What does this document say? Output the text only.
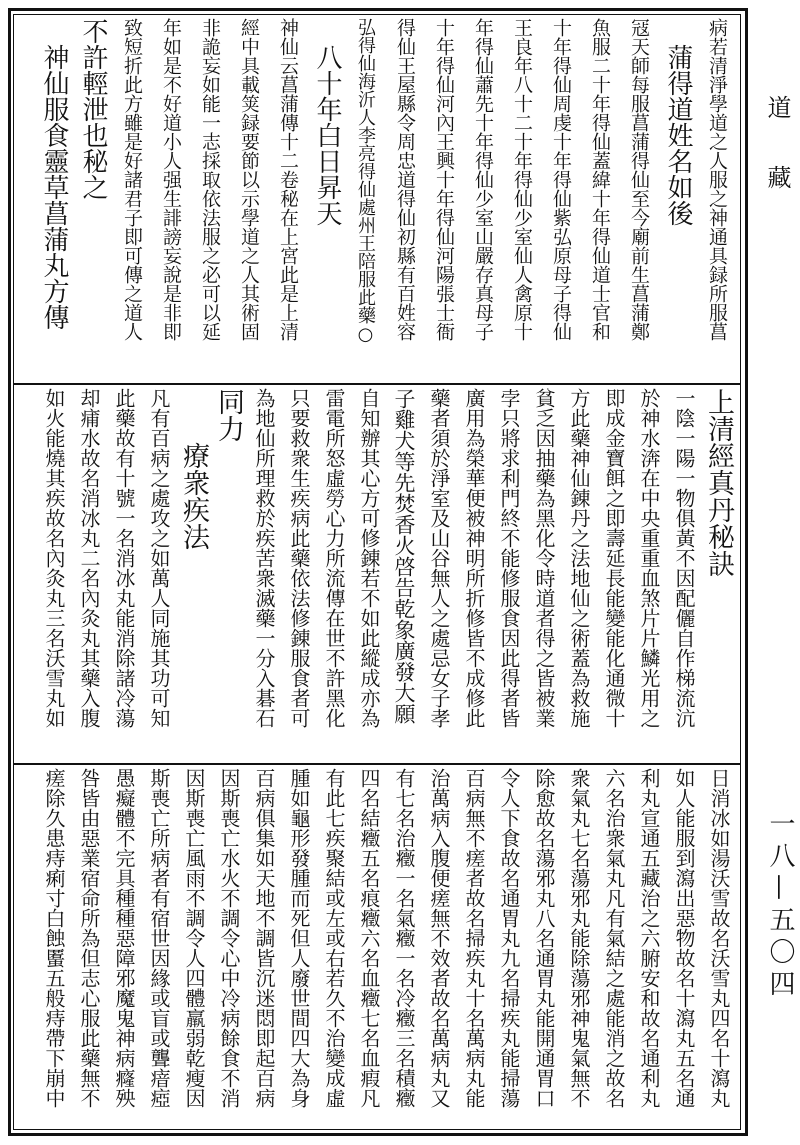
病若清淨學道之人服之神通具録所服菖
蒲得道姓名如後
冦天師每服菖蒲得仙至今廟前生菖蒲鄭
魚服二十年得仙蓋緯十年得仙道士官和
十年得仙周虔十年得仙紫弘原母子得仙
王良年八十二十年得仙少室仙人禽原十
年得仙蕭先十年得仙少室山嚴存真母子
十年得仙河內王興十年得仙河陽張士衙
得仙王屋縣令周忠道得仙初縣有百姓容
弘得仙海沂人李亮得仙處州王陪服此藥○
八十年白日昇天
神仙云菖蒲傳十二卷秘在上宮此是上清
經中具載䇲録要節以示學道之人其術固
非詭妄如能一志採取依法服之必可以延
年如是不好道小人强生誹謗妄說是非即
致短折此方雖是好諸君子即可傳之道人
不許輕泄也秘之
神仙服食靈草菖蒲丸方傳
上清經真丹秘訣
一陰一陽一物俱黃不因配儷自作梯流沆
於神水渀在中央重重血煞片片鱗光用之
即成金寶餌之即壽延長能變能化通微十
方此藥神仙錬丹之法地仙之術蓋為救施
貧乏因抽藥為黑化令時道者得之皆被業
孛只將求利門終不能修服食因此得者皆
廣用為榮華便被神明所折修皆不成修此
藥者須於淨室及山谷無人之處忌女子孝
子雞犬等先焚香火啓告乾象廣發大願
自知辦其心方可修錬若不如此縱成亦為
雷電所怒虛勞心力所流傳在世不許黑化
只要救衆生疾病此藥依法修錬服食者可
為地仙所理救於疾苦衆滅藥一分入碁石
同力
療衆疾法
凡有百病之處攻之如萬人同施其功可知
此藥故有十號一名消冰丸能消除諸冷蕩
却痡水故名消冰丸二名內灸丸其藥入腹
如火能燒其疾故名內灸丸三名沃雪丸如
日消冰如湯沃雪故名沃雪丸四名十瀉丸
如人能服到瀉出惡物故名十瀉丸五名通
利丸宣通五藏治之六腑安和故名通利丸
六名治衆氣丸凡有氣結之處能消之故名
衆氣丸七名蕩邪丸能除蕩邪神鬼氣無不
除愈故名蕩邪丸八名通胃丸能開通胃口
令人下食故名通胃丸九名掃疾丸能掃蕩
百病無不瘥者故名掃疾丸十名萬病丸能
治萬病入腹便瘥無不效者故名萬病丸又
有七名治癥一名氣癥一名冷癥三名積癥
四名結癥五名痕癥六名血癥七名血瘕凡
有此七疾聚結或左或右若久不治變成虛
腫如龜形發腫而死但人廢世間四大為身
百病俱集如天地不調皆沉迷悶即起百病
因斯喪亡水火不調令心中冷病餘食不消
因斯喪亡風雨不調令人四體羸弱乾瘦因
斯喪亡所病者有宿世因緣或盲或聾瘖瘂
愚癡體不完具種種惡障邪魔鬼神病癃殃
咎皆由惡業宿命所為但志心服此藥無不
瘥除久患痔痢寸白蝕𧏾五般痔帶下崩中
道
藏
一八—五〇四
